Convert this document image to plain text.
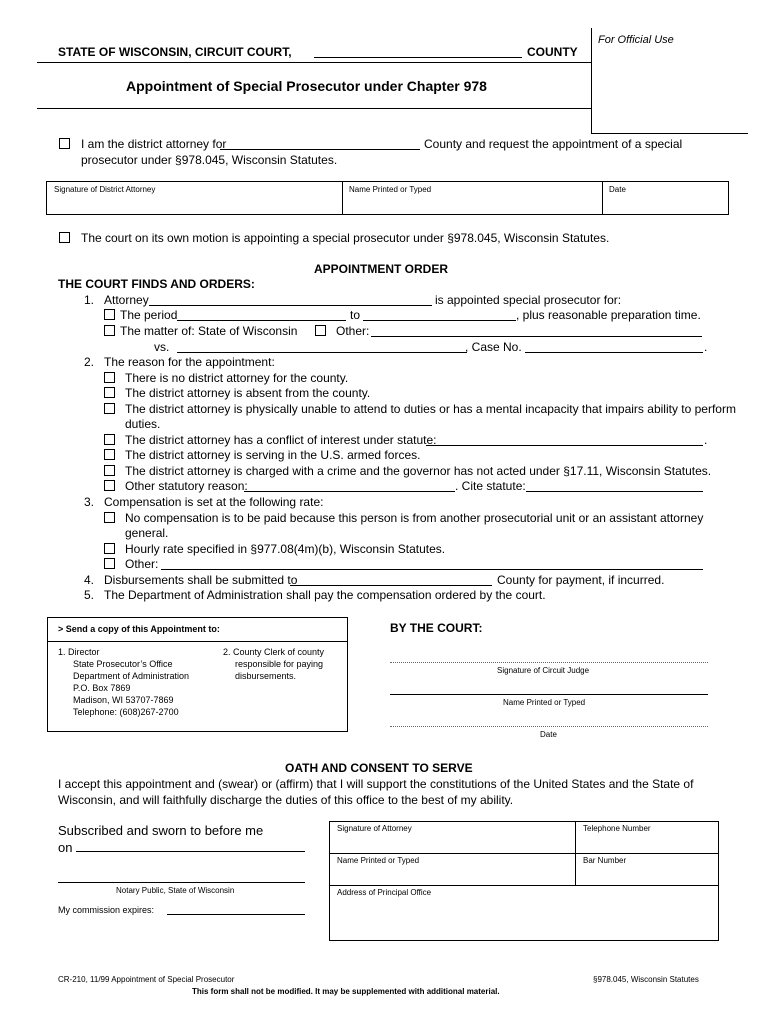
For Official Use
STATE OF WISCONSIN, CIRCUIT COURT,	COUNTY
Appointment of Special Prosecutor under Chapter 978
I am the district attorney for	County and request the appointment of a special
prosecutor under §978.045, Wisconsin Statutes.
Signature of District Attorney	Name Printed or Typed	Date
The court on its own motion is appointing a special prosecutor under §978.045, Wisconsin Statutes.
APPOINTMENT ORDER
THE COURT FINDS AND ORDERS:
1. Attorney	is appointed special prosecutor for:
The period	to	, plus reasonable preparation time.
The matter of: State of Wisconsin	Other:
vs.	, Case No.	.
2. The reason for the appointment:
There is no district attorney for the county.
The district attorney is absent from the county.
The district attorney is physically unable to attend to duties or has a mental incapacity that impairs ability to perform
duties.
The district attorney has a conflict of interest under statute:	.
The district attorney is serving in the U.S. armed forces.
The district attorney is charged with a crime and the governor has not acted under §17.11, Wisconsin Statutes.
Other statutory reason:	. Cite statute:
3. Compensation is set at the following rate:
No compensation is to be paid because this person is from another prosecutorial unit or an assistant attorney
general.
Hourly rate specified in §977.08(4m)(b), Wisconsin Statutes.
Other:
4. Disbursements shall be submitted to	County for payment, if incurred.
5. The Department of Administration shall pay the compensation ordered by the court.
> Send a copy of this Appointment to:
1. Director
State Prosecutor’s Office
Department of Administration
P.O. Box 7869
Madison, WI 53707-7869
Telephone: (608)267-2700
2. County Clerk of county
responsible for paying
disbursements.
BY THE COURT:
Signature of Circuit Judge
Name Printed or Typed
Date
OATH AND CONSENT TO SERVE
I accept this appointment and (swear) or (affirm) that I will support the constitutions of the United States and the State of
Wisconsin, and will faithfully discharge the duties of this office to the best of my ability.
Subscribed and sworn to before me
on
Notary Public, State of Wisconsin
My commission expires:
Signature of Attorney	Telephone Number
Name Printed or Typed	Bar Number
Address of Principal Office
CR-210, 11/99 Appointment of Special Prosecutor	§978.045, Wisconsin Statutes
This form shall not be modified. It may be supplemented with additional material.
